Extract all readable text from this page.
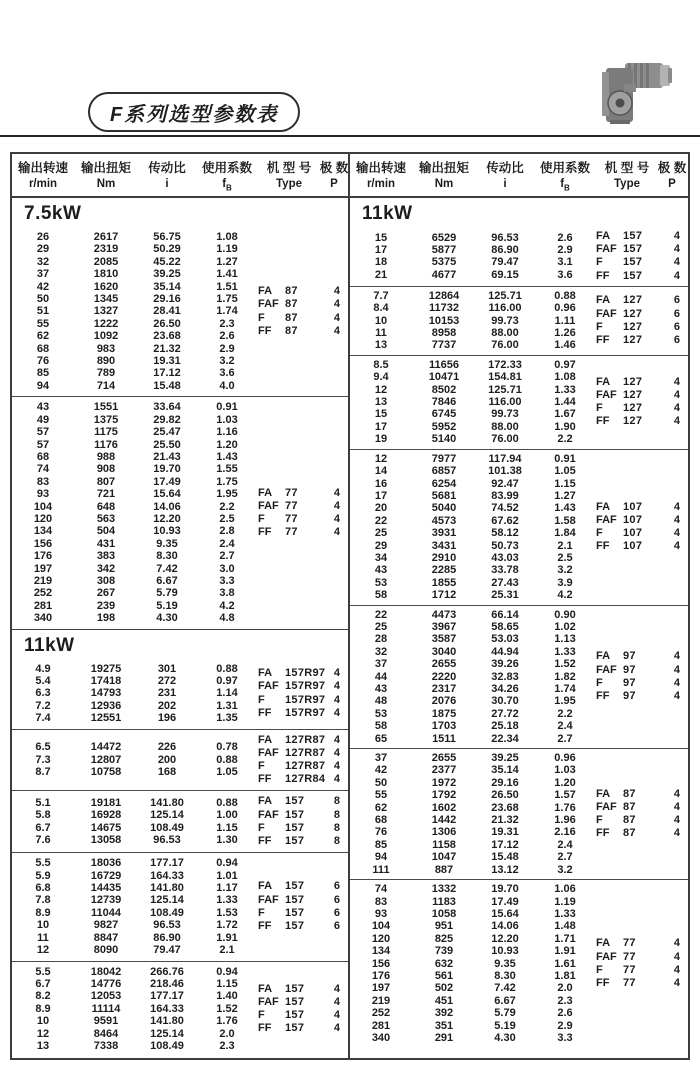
F系列选型参数表
输出转速
r/min
输出扭矩
Nm
传动比
i
使用系数
$f_B$
机 型 号
Type
极 数
P
7.5kW
26	2617	56.75	1.08
29	2319	50.29	1.19
32	2085	45.22	1.27
37	1810	39.25	1.41
42	1620	35.14	1.51
50	1345	29.16	1.75
51	1327	28.41	1.74
55	1222	26.50	2.3
62	1092	23.68	2.6
68	983	21.32	2.9
76	890	19.31	3.2
85	789	17.12	3.6
94	714	15.48	4.0
FA	87	4
FAF 87	4
F	87	4
FF	87	4
43	1551	33.64	0.91
49	1375	29.82	1.03
57	1175	25.47	1.16
57	1176	25.50	1.20
68	988	21.43	1.43
74	908	19.70	1.55
83	807	17.49	1.75
93	721	15.64	1.95
104	648	14.06	2.2
120	563	12.20	2.5
134	504	10.93	2.8
156	431	9.35	2.4
176	383	8.30	2.7
197	342	7.42	3.0
219	308	6.67	3.3
252	267	5.79	3.8
281	239	5.19	4.2
340	198	4.30	4.8
FA	77	4
FAF 77	4
F	77	4
FF	77	4
11kW
4.9	19275	301	0.88
5.4	17418	272	0.97
6.3	14793	231	1.14
7.2	12936	202	1.31
7.4	12551	196	1.35
FA	157R97 4
FAF 157R97 4
F	157R97 4
FF	157R97 4
6.5	14472	226	0.78
7.3	12807	200	0.88
8.7	10758	168	1.05
FA	127R87 4
FAF 127R87 4
F	127R87 4
FF	127R84 4
5.1	19181	141.80	0.88
5.8	16928	125.14	1.00
6.7	14675	108.49	1.15
7.6	13058	96.53	1.30
FA	157	8
FAF 157	8
F	157	8
FF	157	8
5.5	18036	177.17	0.94
5.9	16729	164.33	1.01
6.8	14435	141.80	1.17
7.8	12739	125.14	1.33
8.9	11044	108.49	1.53
10	9827	96.53	1.72
11	8847	86.90	1.91
12	8090	79.47	2.1
FA	157	6
FAF 157	6
F	157	6
FF	157	6
5.5	18042	266.76	0.94
6.7	14776	218.46	1.15
8.2	12053	177.17	1.40
8.9	11114	164.33	1.52
10	9591	141.80	1.76
12	8464	125.14	2.0
13	7338	108.49	2.3
FA	157	4
FAF 157	4
F	157	4
FF	157	4
输出转速
r/min
输出扭矩
Nm
传动比
i
使用系数
$f_B$
机 型 号
Type
极 数
P
11kW
15	6529	96.53	2.6
17	5877	86.90	2.9
18	5375	79.47	3.1
21	4677	69.15	3.6
FA	157	4
FAF 157	4
F	157	4
FF	157	4
7.7	12864	125.71	0.88
8.4	11732	116.00	0.96
10	10153	99.73	1.11
11	8958	88.00	1.26
13	7737	76.00	1.46
FA	127	6
FAF 127	6
F	127	6
FF	127	6
8.5	11656	172.33	0.97
9.4	10471	154.81	1.08
12	8502	125.71	1.33
13	7846	116.00	1.44
15	6745	99.73	1.67
17	5952	88.00	1.90
19	5140	76.00	2.2
FA	127	4
FAF 127	4
F	127	4
FF	127	4
12	7977	117.94	0.91
14	6857	101.38	1.05
16	6254	92.47	1.15
17	5681	83.99	1.27
20	5040	74.52	1.43
22	4573	67.62	1.58
25	3931	58.12	1.84
29	3431	50.73	2.1
34	2910	43.03	2.5
43	2285	33.78	3.2
53	1855	27.43	3.9
58	1712	25.31	4.2
FA	107	4
FAF 107	4
F	107	4
FF	107	4
22	4473	66.14	0.90
25	3967	58.65	1.02
28	3587	53.03	1.13
32	3040	44.94	1.33
37	2655	39.26	1.52
44	2220	32.83	1.82
43	2317	34.26	1.74
48	2076	30.70	1.95
53	1875	27.72	2.2
58	1703	25.18	2.4
65	1511	22.34	2.7
FA	97	4
FAF 97	4
F	97	4
FF	97	4
37	2655	39.25	0.96
42	2377	35.14	1.03
50	1972	29.16	1.20
55	1792	26.50	1.57
62	1602	23.68	1.76
68	1442	21.32	1.96
76	1306	19.31	2.16
85	1158	17.12	2.4
94	1047	15.48	2.7
111	887	13.12	3.2
FA	87	4
FAF 87	4
F	87	4
FF	87	4
74	1332	19.70	1.06
83	1183	17.49	1.19
93	1058	15.64	1.33
104	951	14.06	1.48
120	825	12.20	1.71
134	739	10.93	1.91
156	632	9.35	1.61
176	561	8.30	1.81
197	502	7.42	2.0
219	451	6.67	2.3
252	392	5.79	2.6
281	351	5.19	2.9
340	291	4.30	3.3
FA	77	4
FAF 77	4
F	77	4
FF	77	4
